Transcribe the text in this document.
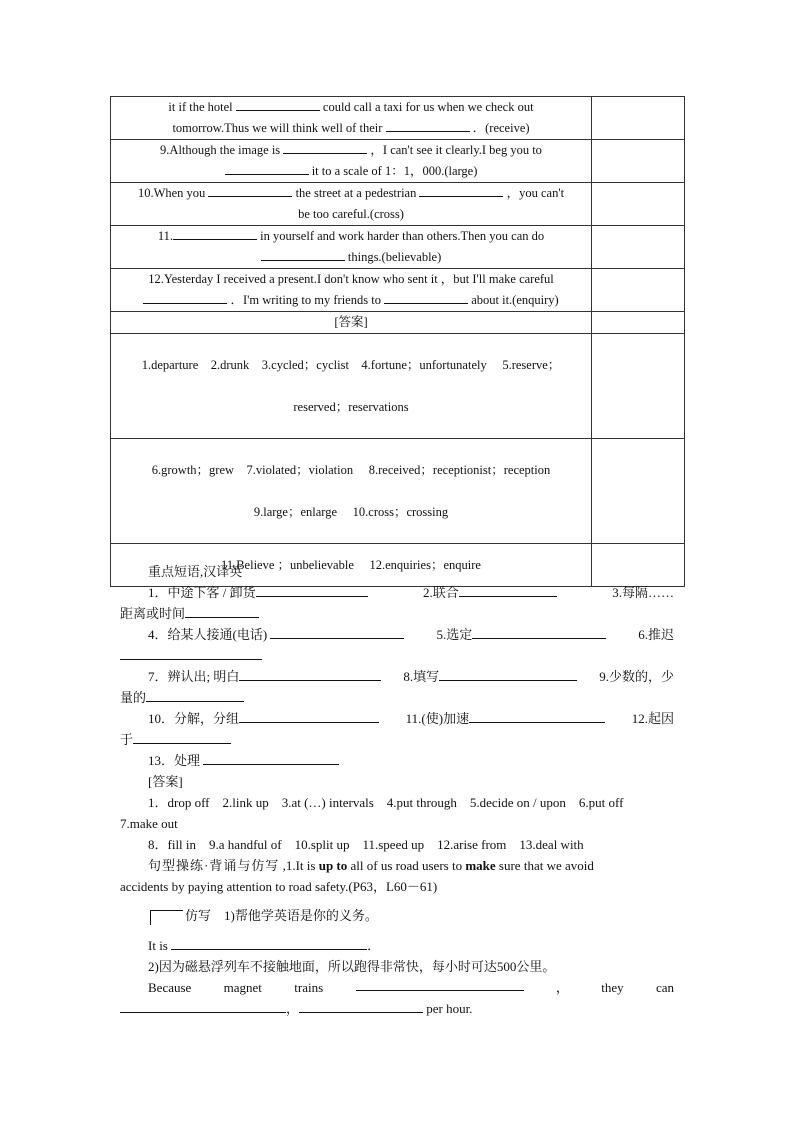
it if the hotel could call a taxi for us when we check out
tomorrow.Thus we will think well of their ．(receive)	
9.Although the image is ，I can't see it clearly.I beg you to
it to a scale of 1：1，000.(large)	
10.When you the street at a pedestrian ，you can't
be too careful.(cross)	
11. in yourself and work harder than others.Then you can do
things.(believable)	
12.Yesterday I received a present.I don't know who sent it ，but I'll make careful
．I'm writing to my friends to about it.(enquiry)	
[答案]	

1.departure　2.drunk　3.cycled；cyclist　4.fortune；unfortunately　 5.reserve；
reserved；reservations	

6.growth；grew　7.violated；violation　 8.received；receptionist；reception
9.large；enlarge　 10.cross；crossing	

11.Believe ；unbelievable　 12.enquiries；enquire	

重点短语,汉译英

1．中途下客 / 卸货	2.联合	3.每隔……

距离或时间

4．给某人接通(电话)	5.选定	6.推迟

7．辨认出; 明白	8.填写	9.少数的，少

量的

10．分解，分组	11.(使)加速	12.起因

于

13．处理

[答案]

1．drop off　2.link up　3.at (…) intervals　4.put through　5.decide on / upon　6.put off

7.make out

8．fill in　9.a handful of　10.split up　11.speed up　12.arise from　13.deal with

句型操练·背诵与仿写 ,1.It is up to all of us road users to make sure that we avoid

accidents by paying attention to road safety.(P63，L60－61)

仿写　 1)帮他学英语是你的义务。

It is	．

2)因为磁悬浮列车不接触地面，所以跑得非常快，每小时可达500公里。

Because magnet trains	， they can

，	per hour.
